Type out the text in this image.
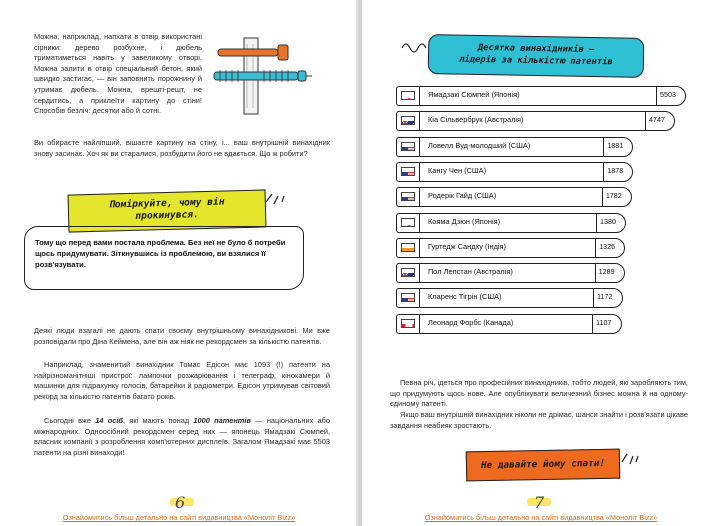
Можна, наприклад, напхати в отвір використані сірники: дерево розбухне, і дюбель триматиметься навіть у завеликому отворі. Можна залити в отвір спеціальний бетон, який швидко застигає, — він заповнить порожнину й утримає дюбель. Можна, врешті-решт, не сердитись, а приклеїти картину до стіни! Способів безліч: десятки або й сотні.

Ви обираєте найліпший, вішаєте картину на стіну, і... ваш внутрішній винахідник знову засинає. Хоч як ви старалися, розбудити його не вдається. Що ж робити?

Поміркуйте, чому він прокинувся.

Тому що перед вами постала проблема. Без неї не було б потреби щось придумувати. Зіткнувшись із проблемою, ви взялися її розв'язувати.

Деякі люди взагалі не дають спати своєму внутрішньому винахідникові. Ми вже розповідали про Діна Кеймена, але він аж ніяк не рекордсмен за кількістю патентів.

Наприклад, знаменитий винахідник Томас Едісон має 1093 (!) патенти на найрізноманітніші пристрої: лампочки розжарювання і телеграф, кінокамери й машинки для підрахунку голосів, батарейки й радіометри. Едісон утримував світовий рекорд за кількістю патентів багато років.

Сьогодні вже 14 осіб, які мають понад 1000 патентів — національних або міжнародних. Одноосібний рекордсмен серед них — японець Ямадзакі Сюмпей, власник компанії з розроблення комп'ютерних дисплеїв. Загалом Ямадзакі має 5503 патенти на різні винаходи!

6
Ознайомитись більш детально на сайті видавництва «Моноліт Bizz»
Десятка винахідників —
лідерів за кількістю патентів
Ямадзакі Сюмпей (Японія)	5503
Кіа Сільвербрук (Австралія)	4747
Ловелл Вуд-молодший (США)	1881
Кангу Чен (США)	1878
Родерік Гайд (США)	1782
Кояма Дзюн (Японія)	1380
Гуртедж Сандху (Індія)	1326
Пол Лепстан (Австралія)	1289
Кларенс Тігрін (США)	1172
Леонард Форбс (Канада)	1107

Певна річ, ідеться про професійних винахідників, тобто людей, які заробляють тим, що придумують щось нове. Але опублікувати величезний бізнес можна й на одному-єдиному патенті.

Якщо ваш внутрішній винахідник ніколи не дрімає, шанси знайти і розв'язати цікаве завдання неабияк зростають.

Не давайте йому спати!
7
Ознайомитись більш детально на сайті видавництва «Моноліт Bizz»
